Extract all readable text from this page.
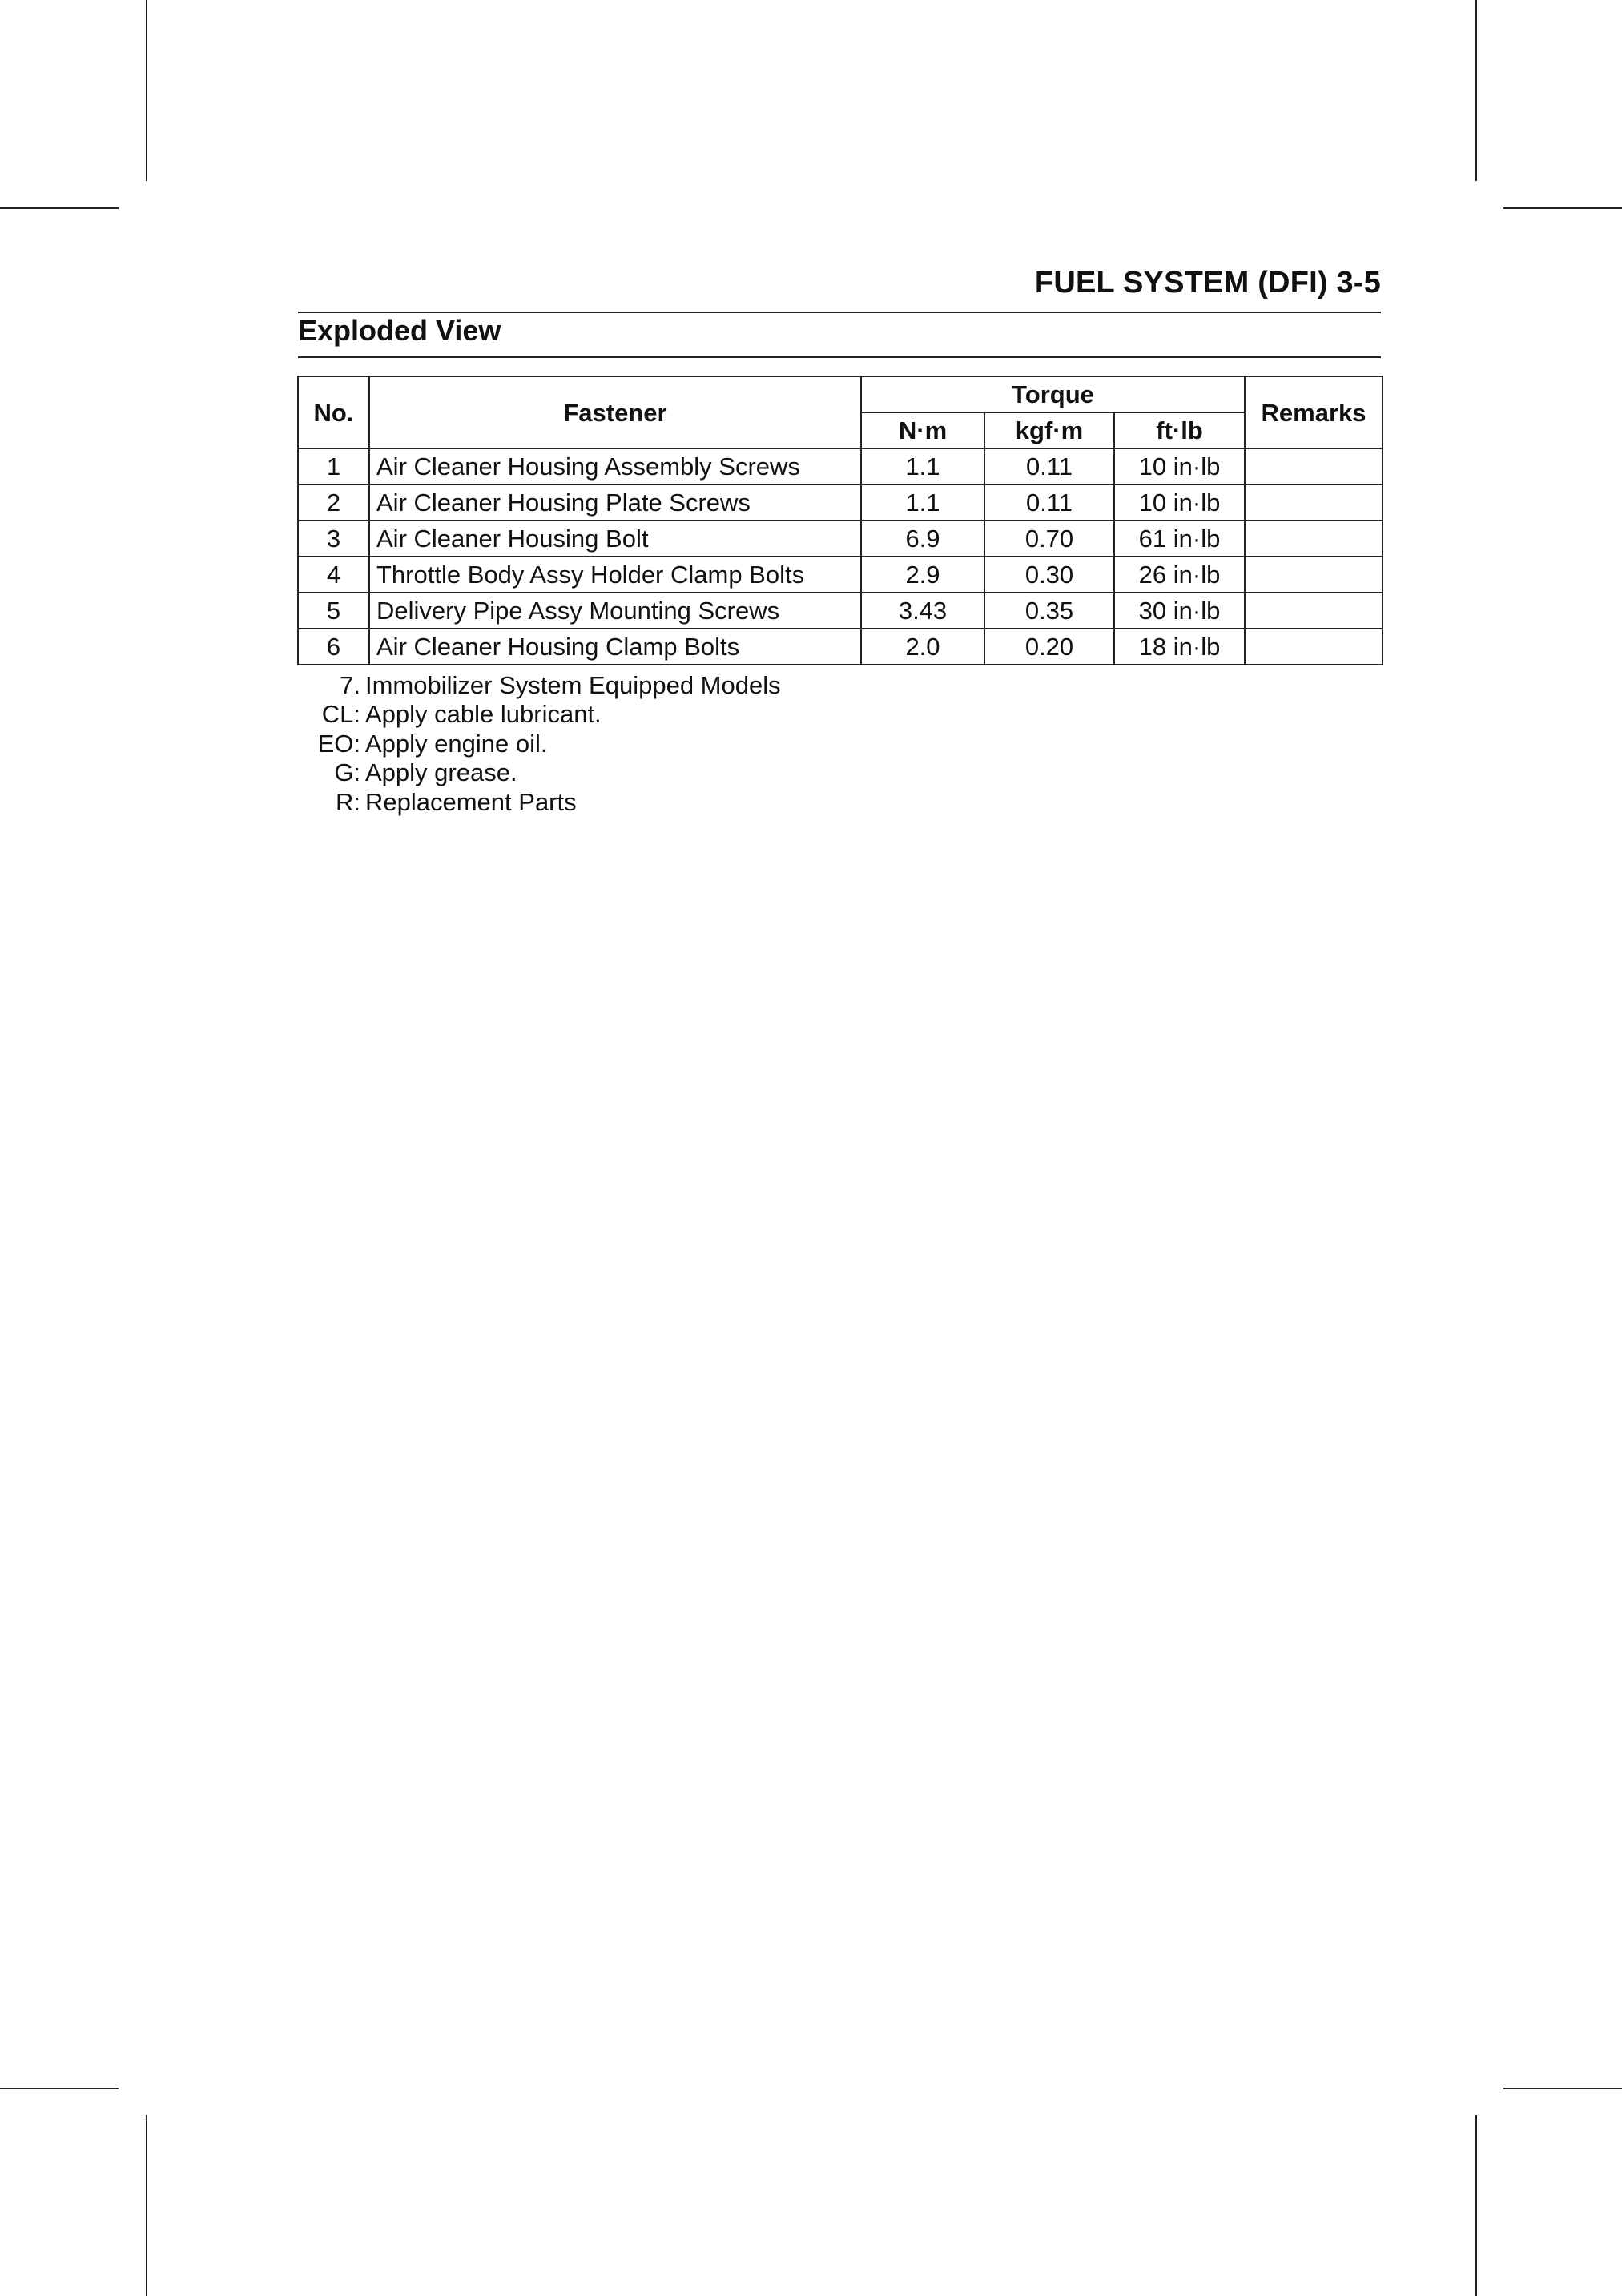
FUEL SYSTEM (DFI) 3-5
Exploded View
No.	Fastener	Torque			Remarks
		N·m	kgf·m	ft·lb	
1	Air Cleaner Housing Assembly Screws	1.1	0.11	10 in·lb	
2	Air Cleaner Housing Plate Screws	1.1	0.11	10 in·lb	
3	Air Cleaner Housing Bolt	6.9	0.70	61 in·lb	
4	Throttle Body Assy Holder Clamp Bolts	2.9	0.30	26 in·lb	
5	Delivery Pipe Assy Mounting Screws	3.43	0.35	30 in·lb	
6	Air Cleaner Housing Clamp Bolts	2.0	0.20	18 in·lb	
7. Immobilizer System Equipped Models
CL: Apply cable lubricant.
EO: Apply engine oil.
G: Apply grease.
R: Replacement Parts
